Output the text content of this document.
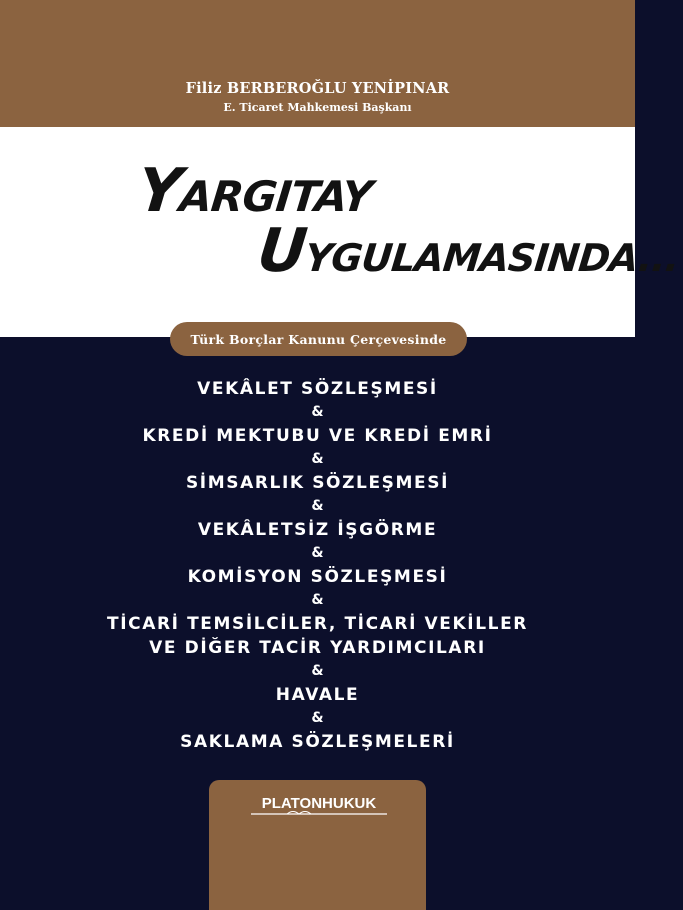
Filiz BERBEROĞLU YENİPINAR
E. Ticaret Mahkemesi Başkanı
YARGITAY
UYGULAMASINDA...
Türk Borçlar Kanunu Çerçevesinde
VEKÂLET SÖZLEŞMESİ
&
KREDİ MEKTUBU VE KREDİ EMRİ
&
SİMSARLIK SÖZLEŞMESİ
&
VEKÂLETSİZ İŞGÖRME
&
KOMİSYON SÖZLEŞMESİ
&
TİCARİ TEMSİLCİLER, TİCARİ VEKİLLER
VE DİĞER TACİR YARDIMCILARI
&
HAVALE
&
SAKLAMA SÖZLEŞMELERİ
PLATONHUKUK
